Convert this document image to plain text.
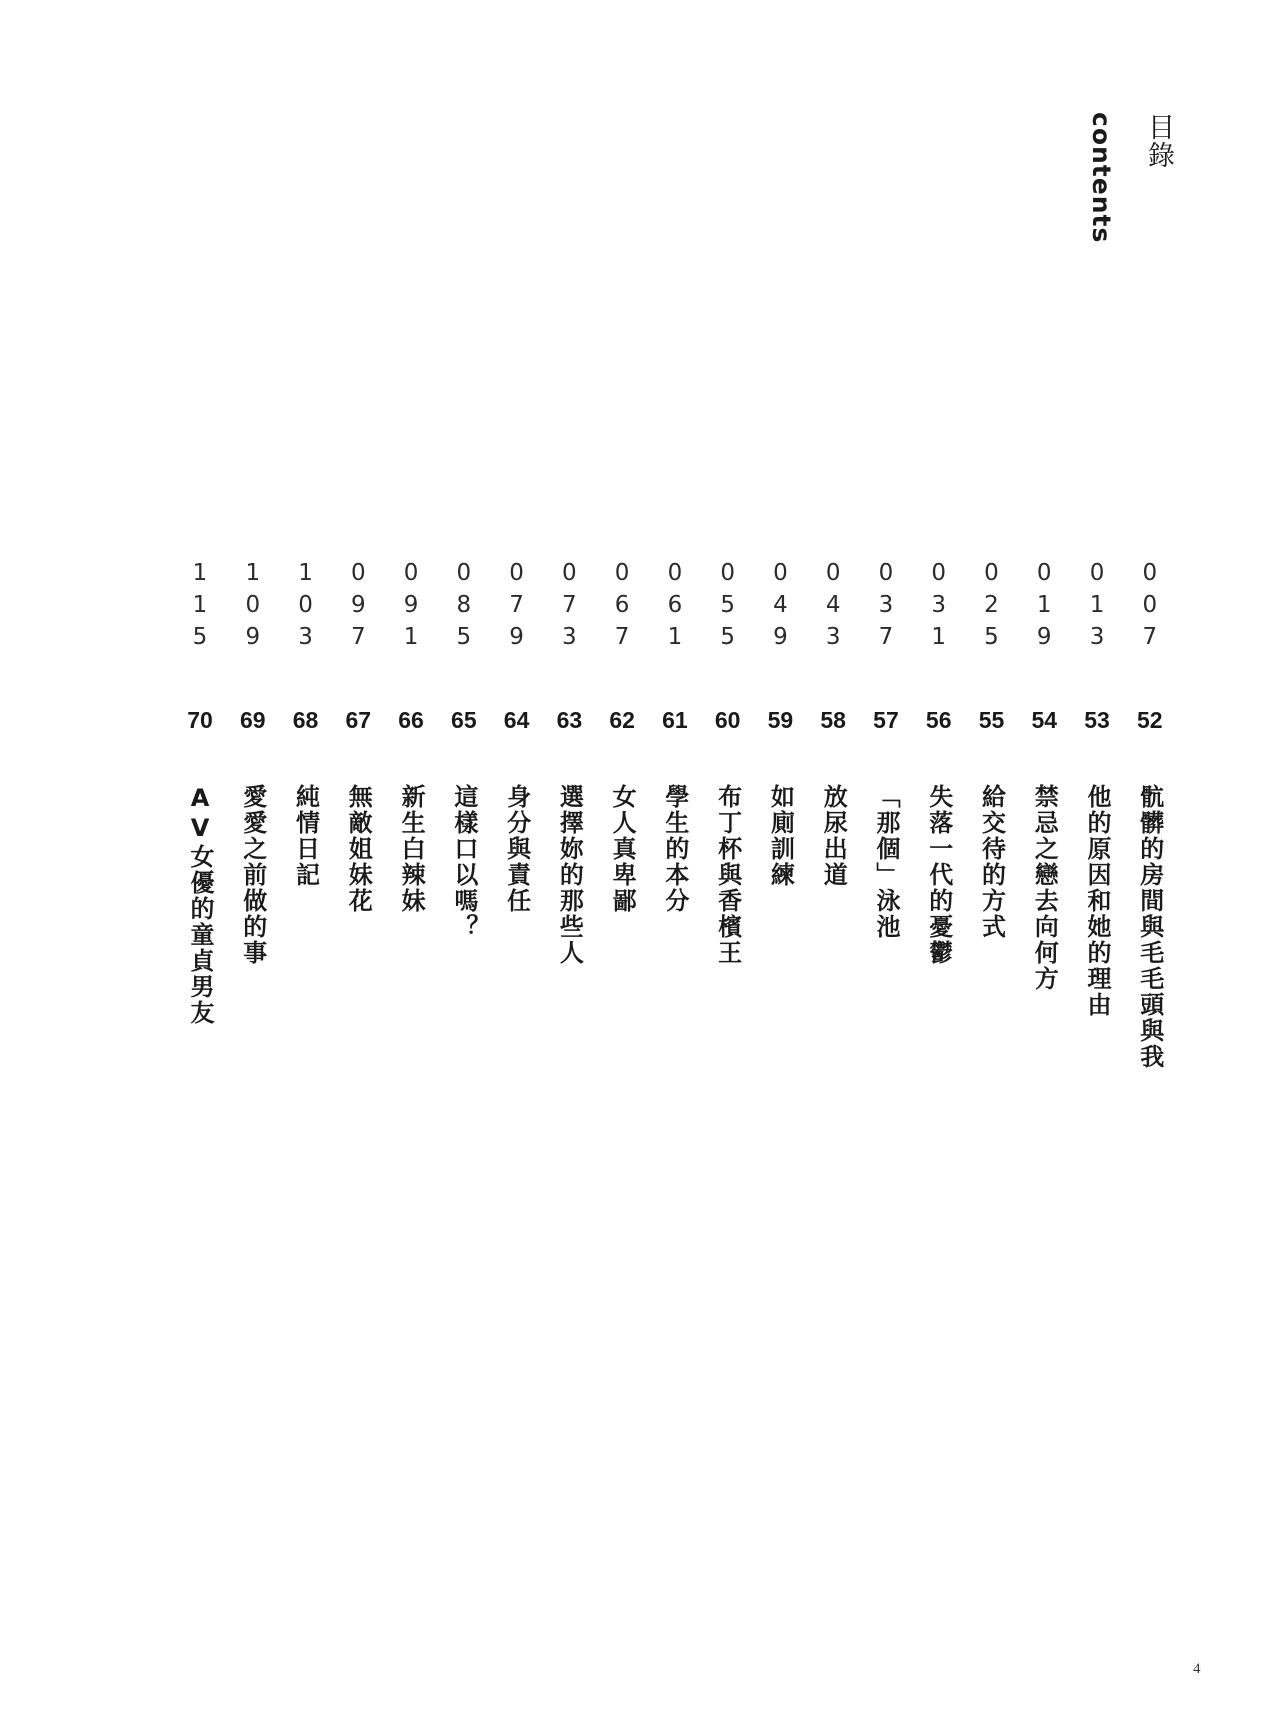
目錄
contents
007
52
骯髒的房間與毛毛頭與我
013
53
他的原因和她的理由
019
54
禁忌之戀去向何方
025
55
給交待的方式
031
56
失落一代的憂鬱
037
57
「那個」泳池
043
58
放尿出道
049
59
如廁訓練
055
60
布丁杯與香檳王
061
61
學生的本分
067
62
女人真卑鄙
073
63
選擇妳的那些人
079
64
身分與責任
085
65
這樣口以嗎？
091
66
新生白辣妹
097
67
無敵姐妹花
103
68
純情日記
109
69
愛愛之前做的事
115
70
AV女優的童貞男友
4
